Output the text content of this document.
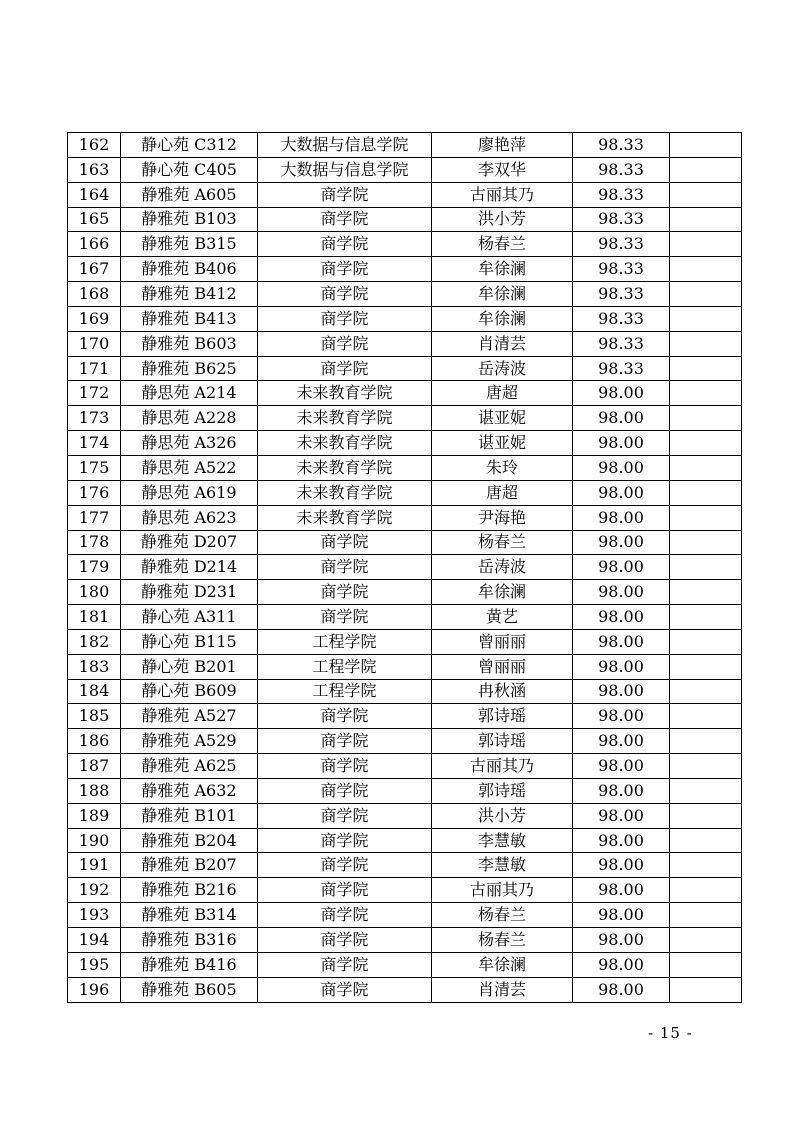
162	静心苑 C312	大数据与信息学院	廖艳萍	98.33	
163	静心苑 C405	大数据与信息学院	李双华	98.33	
164	静雅苑 A605	商学院	古丽其乃	98.33	
165	静雅苑 B103	商学院	洪小芳	98.33	
166	静雅苑 B315	商学院	杨春兰	98.33	
167	静雅苑 B406	商学院	牟徐澜	98.33	
168	静雅苑 B412	商学院	牟徐澜	98.33	
169	静雅苑 B413	商学院	牟徐澜	98.33	
170	静雅苑 B603	商学院	肖清芸	98.33	
171	静雅苑 B625	商学院	岳涛波	98.33	
172	静思苑 A214	未来教育学院	唐超	98.00	
173	静思苑 A228	未来教育学院	谌亚妮	98.00	
174	静思苑 A326	未来教育学院	谌亚妮	98.00	
175	静思苑 A522	未来教育学院	朱玲	98.00	
176	静思苑 A619	未来教育学院	唐超	98.00	
177	静思苑 A623	未来教育学院	尹海艳	98.00	
178	静雅苑 D207	商学院	杨春兰	98.00	
179	静雅苑 D214	商学院	岳涛波	98.00	
180	静雅苑 D231	商学院	牟徐澜	98.00	
181	静心苑 A311	商学院	黄艺	98.00	
182	静心苑 B115	工程学院	曾丽丽	98.00	
183	静心苑 B201	工程学院	曾丽丽	98.00	
184	静心苑 B609	工程学院	冉秋涵	98.00	
185	静雅苑 A527	商学院	郭诗瑶	98.00	
186	静雅苑 A529	商学院	郭诗瑶	98.00	
187	静雅苑 A625	商学院	古丽其乃	98.00	
188	静雅苑 A632	商学院	郭诗瑶	98.00	
189	静雅苑 B101	商学院	洪小芳	98.00	
190	静雅苑 B204	商学院	李慧敏	98.00	
191	静雅苑 B207	商学院	李慧敏	98.00	
192	静雅苑 B216	商学院	古丽其乃	98.00	
193	静雅苑 B314	商学院	杨春兰	98.00	
194	静雅苑 B316	商学院	杨春兰	98.00	
195	静雅苑 B416	商学院	牟徐澜	98.00	
196	静雅苑 B605	商学院	肖清芸	98.00	
- 15 -
